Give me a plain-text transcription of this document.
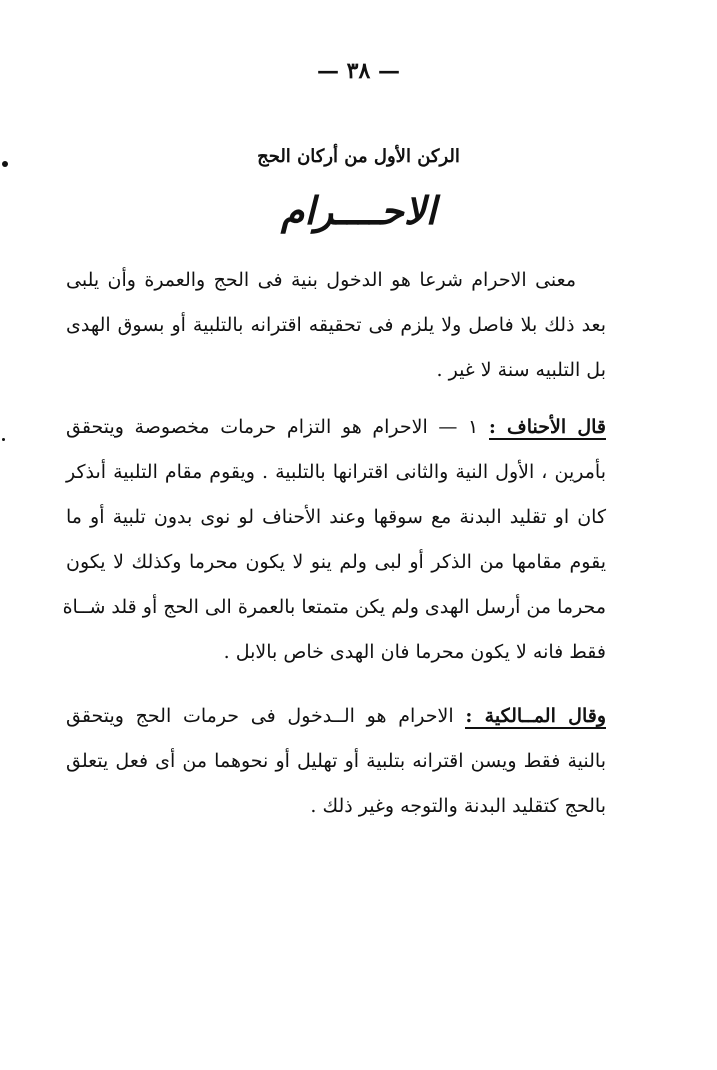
— ٣٨ —
الركن الأول من أركان الحج
الاحــــرام
معنى الاحرام شرعا هو الدخول بنية فى الحج والعمرة وأن يلبى
بعد ذلك بلا فاصل ولا يلزم فى تحقيقه اقترانه بالتلبية أو بسوق الهدى
بل التلبيه سنة لا غير .
قال الأحناف : ١ — الاحرام هو التزام حرمات مخصوصة ويتحقق
بأمرين ، الأول النية والثانى اقترانها بالتلبية . ويقوم مقام التلبية أىذكر
كان او تقليد البدنة مع سوقها وعند الأحناف لو نوى بدون تلبية أو ما
يقوم مقامها من الذكر أو لبى ولم ينو لا يكون محرما وكذلك لا يكون
محرما من أرسل الهدى ولم يكن متمتعا بالعمرة الى الحج أو قلد شــاة
فقط فانه لا يكون محرما فان الهدى خاص بالابل .
وقال المــالكية : الاحرام هو الــدخول فى حرمات الحج ويتحقق
بالنية فقط ويسن اقترانه بتلبية أو تهليل أو نحوهما من أى فعل يتعلق
بالحج كتقليد البدنة والتوجه وغير ذلك .
